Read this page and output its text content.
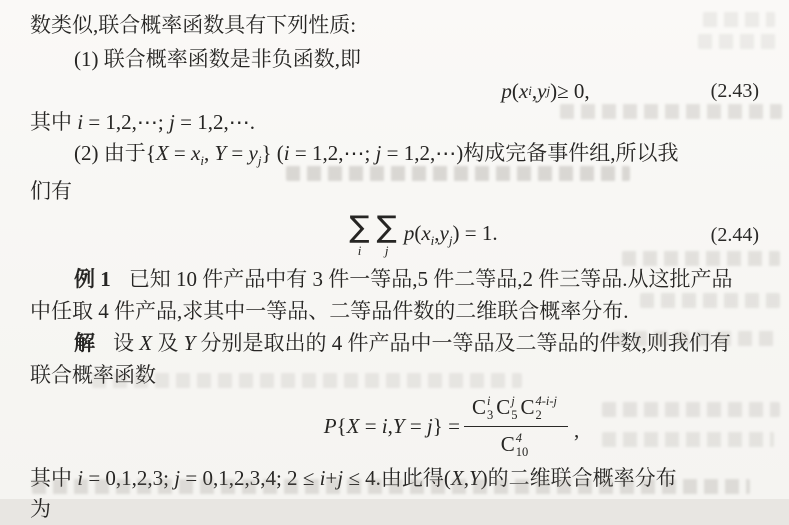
数类似,联合概率函数具有下列性质:
(1) 联合概率函数是非负函数,即
p ( x i , y j ) ≥ 0,	(2.43)
其中 i = 1,2,⋯; j = 1,2,⋯.
(2) 由于{$X = x_i$, $Y = y_j$} (i = 1,2,⋯; j = 1,2,⋯)构成完备事件组,所以我
们有
∑
i
∑
j
$p(x_i,y_j) = 1$.	(2.44)
例 1 已知 10 件产品中有 3 件一等品,5 件二等品,2 件三等品.从这批产品
中任取 4 件产品,求其中一等品、二等品件数的二维联合概率分布.
解 设 X 及 Y 分别是取出的 4 件产品中一等品及二等品的件数,则我们有
联合概率函数
P{X = i,Y = j} = C i
3 C j
5 C 4-i-j
2
C 4
10 ,
其中 i = 0,1,2,3; j = 0,1,2,3,4; 2 ≤ i+j ≤ 4.由此得(X,Y)的二维联合概率分布
为
